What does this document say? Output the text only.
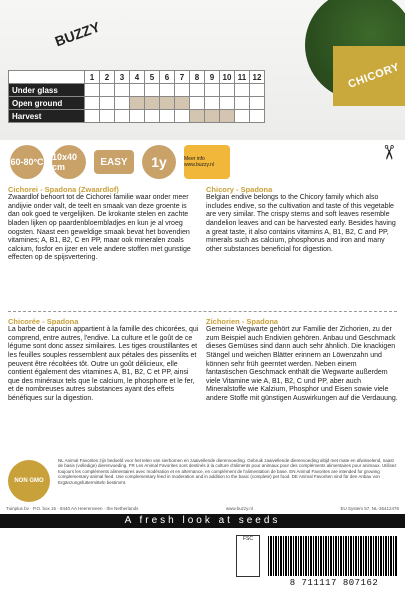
CHICORY
BUZZY
	1	2	3	4	5	6	7	8	9	10	11	12
Under glass												
Open ground												
Harvest												
60-80°C 10x40 cm	EASY	1y	Meer info www.buzzy.nl
✂
Cichorei - Spadona (Zwaardlof)

Zwaardlof behoort tot de Cichorei familie waar onder meer andijvie onder valt, de teelt en smaak van deze groente is dan ook goed te vergelijken. De krokante stelen en zachte bladen lijken op paardenbloembladjes en kun je al vroeg oogsten. Naast een geweldige smaak bevat het bovendien vitamines; A, B1, B2, C en PP, maar ook mineralen zoals calcium, fosfor en ijzer en vele andere stoffen met gunstige effecten op de spijsvertering.

Chicory - Spadona

Belgian endive belongs to the Chicory family which also includes endive, so the cultivation and taste of this vegetable are very similar. The crispy stems and soft leaves resemble dandelion leaves and can be harvested early. Besides having a great taste, it also contains vitamins A, B1, B2, C and PP, minerals such as calcium, phosphorus and iron and many other substances beneficial for digestion.

Chicorée - Spadona

La barbe de capucin appartient à la famille des chicorées, qui comprend, entre autres, l'endive. La culture et le goût de ce légume sont donc assez similaires. Les tiges croustillantes et les feuilles souples ressemblent aux pétales des pissenlits et peuvent être récoltées tôt. Outre un goût délicieux, elle contient également des vitamines A, B1, B2, C et PP, ainsi que des minéraux tels que le calcium, le phosphore et le fer, et de nombreuses autres substances ayant des effets bénéfiques sur la digestion.

Zichorien - Spadona

Gemeine Wegwarte gehört zur Familie der Zichorien, zu der zum Beispiel auch Endivien gehören. Anbau und Geschmack dieses Gemüses sind dann auch sehr ähnlich. Die knackigen Stängel und weichen Blätter erinnern an Löwenzahn und können sehr früh geerntet werden. Neben einem fantastischen Geschmack enthält die Wegwarte außerdem viele Vitamine wie A, B1, B2, C und PP, aber auch Mineralstoffe wie Kalzium, Phosphor und Eisen sowie viele andere Stoffe mit günstigen Auswirkungen auf die Verdauung.

NON GMO
NL Animal Favorites zijn bedoeld voor het telen van sierbomen en zaaivellende dierenvoeding. Gebruik zaaivellende dierenvoeding altijd met mate en afwisselend, naast de basis (volledige) dierenvoeding. FR Les Animal Favorites sont destinés à la culture d'aliments pour animaux pour des compléments alimentaires pour animaux. Utilisez toujours les compléments alimentaires avec modération et en alternance, en complément de l'alimentation de base. EN Animal Favorites are intended for growing complementary animal feed. Use complementary feed in moderation and in addition to the basic (complete) pet food. DE Animal Favoriten sind für den Anbau von Ergänzungsfuttermitteln bestimmt.
Tuinplus bv · P.O. box 15 · 8440 AA Heerenveen · the Netherlands	www.buzzy.nl	EU System 57, NL-36412476
A fresh look at seeds
FSC
8 711117 807162
